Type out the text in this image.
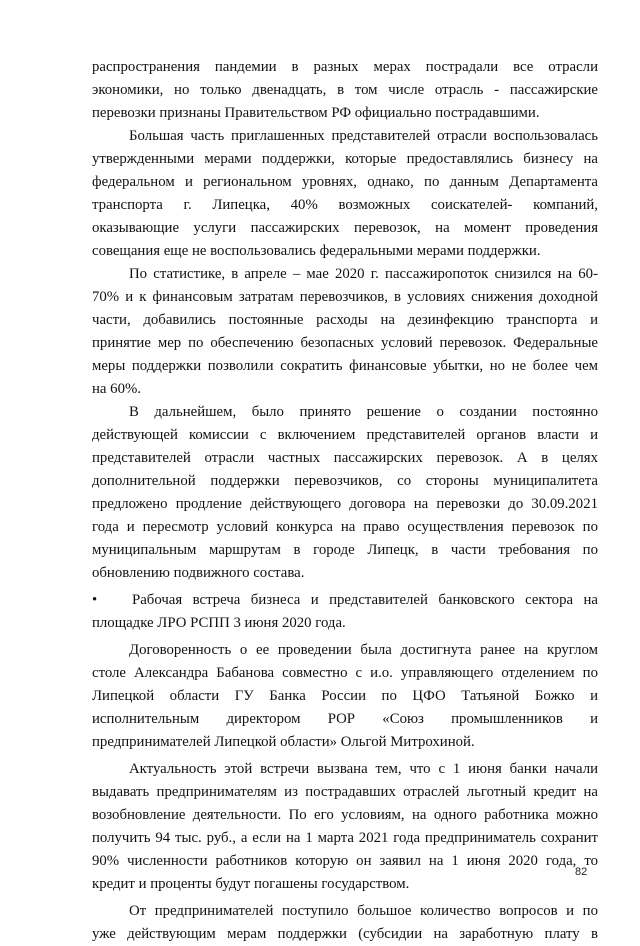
распространения пандемии в разных мерах пострадали все отрасли
экономики, но только двенадцать, в том числе отрасль - пассажирские
перевозки признаны Правительством РФ официально пострадавшими.
Большая часть приглашенных представителей отрасли воспользовалась
утвержденными мерами поддержки, которые предоставлялись бизнесу на
федеральном и региональном уровнях, однако, по данным Департамента
транспорта г. Липецка, 40% возможных соискателей- компаний,
оказывающие услуги пассажирских перевозок, на момент проведения
совещания еще не воспользовались федеральными мерами поддержки.
По статистике, в апреле – мае 2020 г. пассажиропоток снизился на 60-
70% и к финансовым затратам перевозчиков, в условиях снижения доходной
части, добавились постоянные расходы на дезинфекцию транспорта и
принятие мер по обеспечению безопасных условий перевозок. Федеральные
меры поддержки позволили сократить финансовые убытки, но не более чем
на 60%.
В дальнейшем, было принято решение о создании постоянно
действующей комиссии с включением представителей органов власти и
представителей отрасли частных пассажирских перевозок. А в целях
дополнительной поддержки перевозчиков, со стороны муниципалитета
предложено продление действующего договора на перевозки до 30.09.2021
года и пересмотр условий конкурса на право осуществления перевозок по
муниципальным маршрутам в городе Липецк, в части требования по
обновлению подвижного состава.
•	Рабочая встреча бизнеса и представителей банковского сектора на
площадке ЛРО РСПП 3 июня 2020 года.
Договоренность о ее проведении была достигнута ранее на круглом
столе Александра Бабанова совместно с и.о. управляющего отделением по
Липецкой области ГУ Банка России по ЦФО Татьяной Божко и
исполнительным директором РОР «Союз промышленников и
предпринимателей Липецкой области» Ольгой Митрохиной.
Актуальность этой встречи вызвана тем, что с 1 июня банки начали
выдавать предпринимателям из пострадавших отраслей льготный кредит на
возобновление деятельности. По его условиям, на одного работника можно
получить 94 тыс. руб., а если на 1 марта 2021 года предприниматель сохранит
90% численности работников которую он заявил на 1 июня 2020 года, то
кредит и проценты будут погашены государством.
От предпринимателей поступило большое количество вопросов и по
уже действующим мерам поддержки (субсидии на заработную плату в
82
